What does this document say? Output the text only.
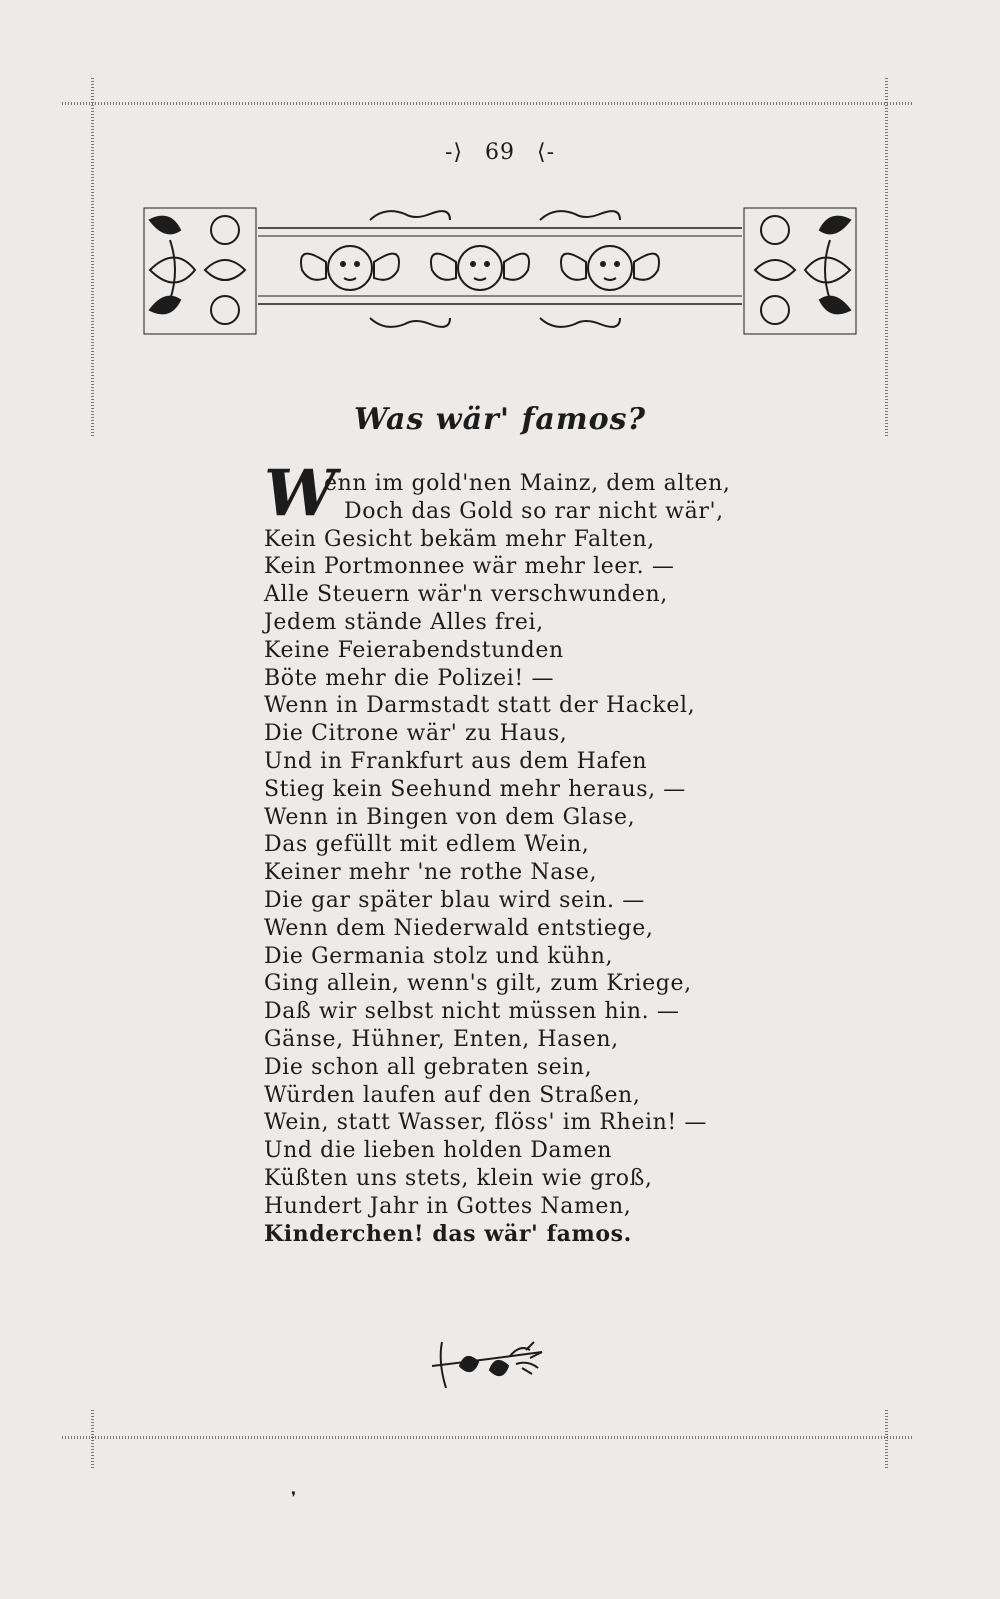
-⟩ 69 ⟨-
Was wär' famos?
W
enn im gold'nen Mainz, dem alten,
Doch das Gold so rar nicht wär',
Kein Gesicht bekäm mehr Falten,
Kein Portmonnee wär mehr leer. —
Alle Steuern wär'n verschwunden,
Jedem stände Alles frei,
Keine Feierabendstunden
Böte mehr die Polizei! —
Wenn in Darmstadt statt der Hackel,
Die Citrone wär' zu Haus,
Und in Frankfurt aus dem Hafen
Stieg kein Seehund mehr heraus, —
Wenn in Bingen von dem Glase,
Das gefüllt mit edlem Wein,
Keiner mehr 'ne rothe Nase,
Die gar später blau wird sein. —
Wenn dem Niederwald entstiege,
Die Germania stolz und kühn,
Ging allein, wenn's gilt, zum Kriege,
Daß wir selbst nicht müssen hin. —
Gänse, Hühner, Enten, Hasen,
Die schon all gebraten sein,
Würden laufen auf den Straßen,
Wein, statt Wasser, flöss' im Rhein! —
Und die lieben holden Damen
Küßten uns stets, klein wie groß,
Hundert Jahr in Gottes Namen,
Kinderchen! das wär' famos.
❜
